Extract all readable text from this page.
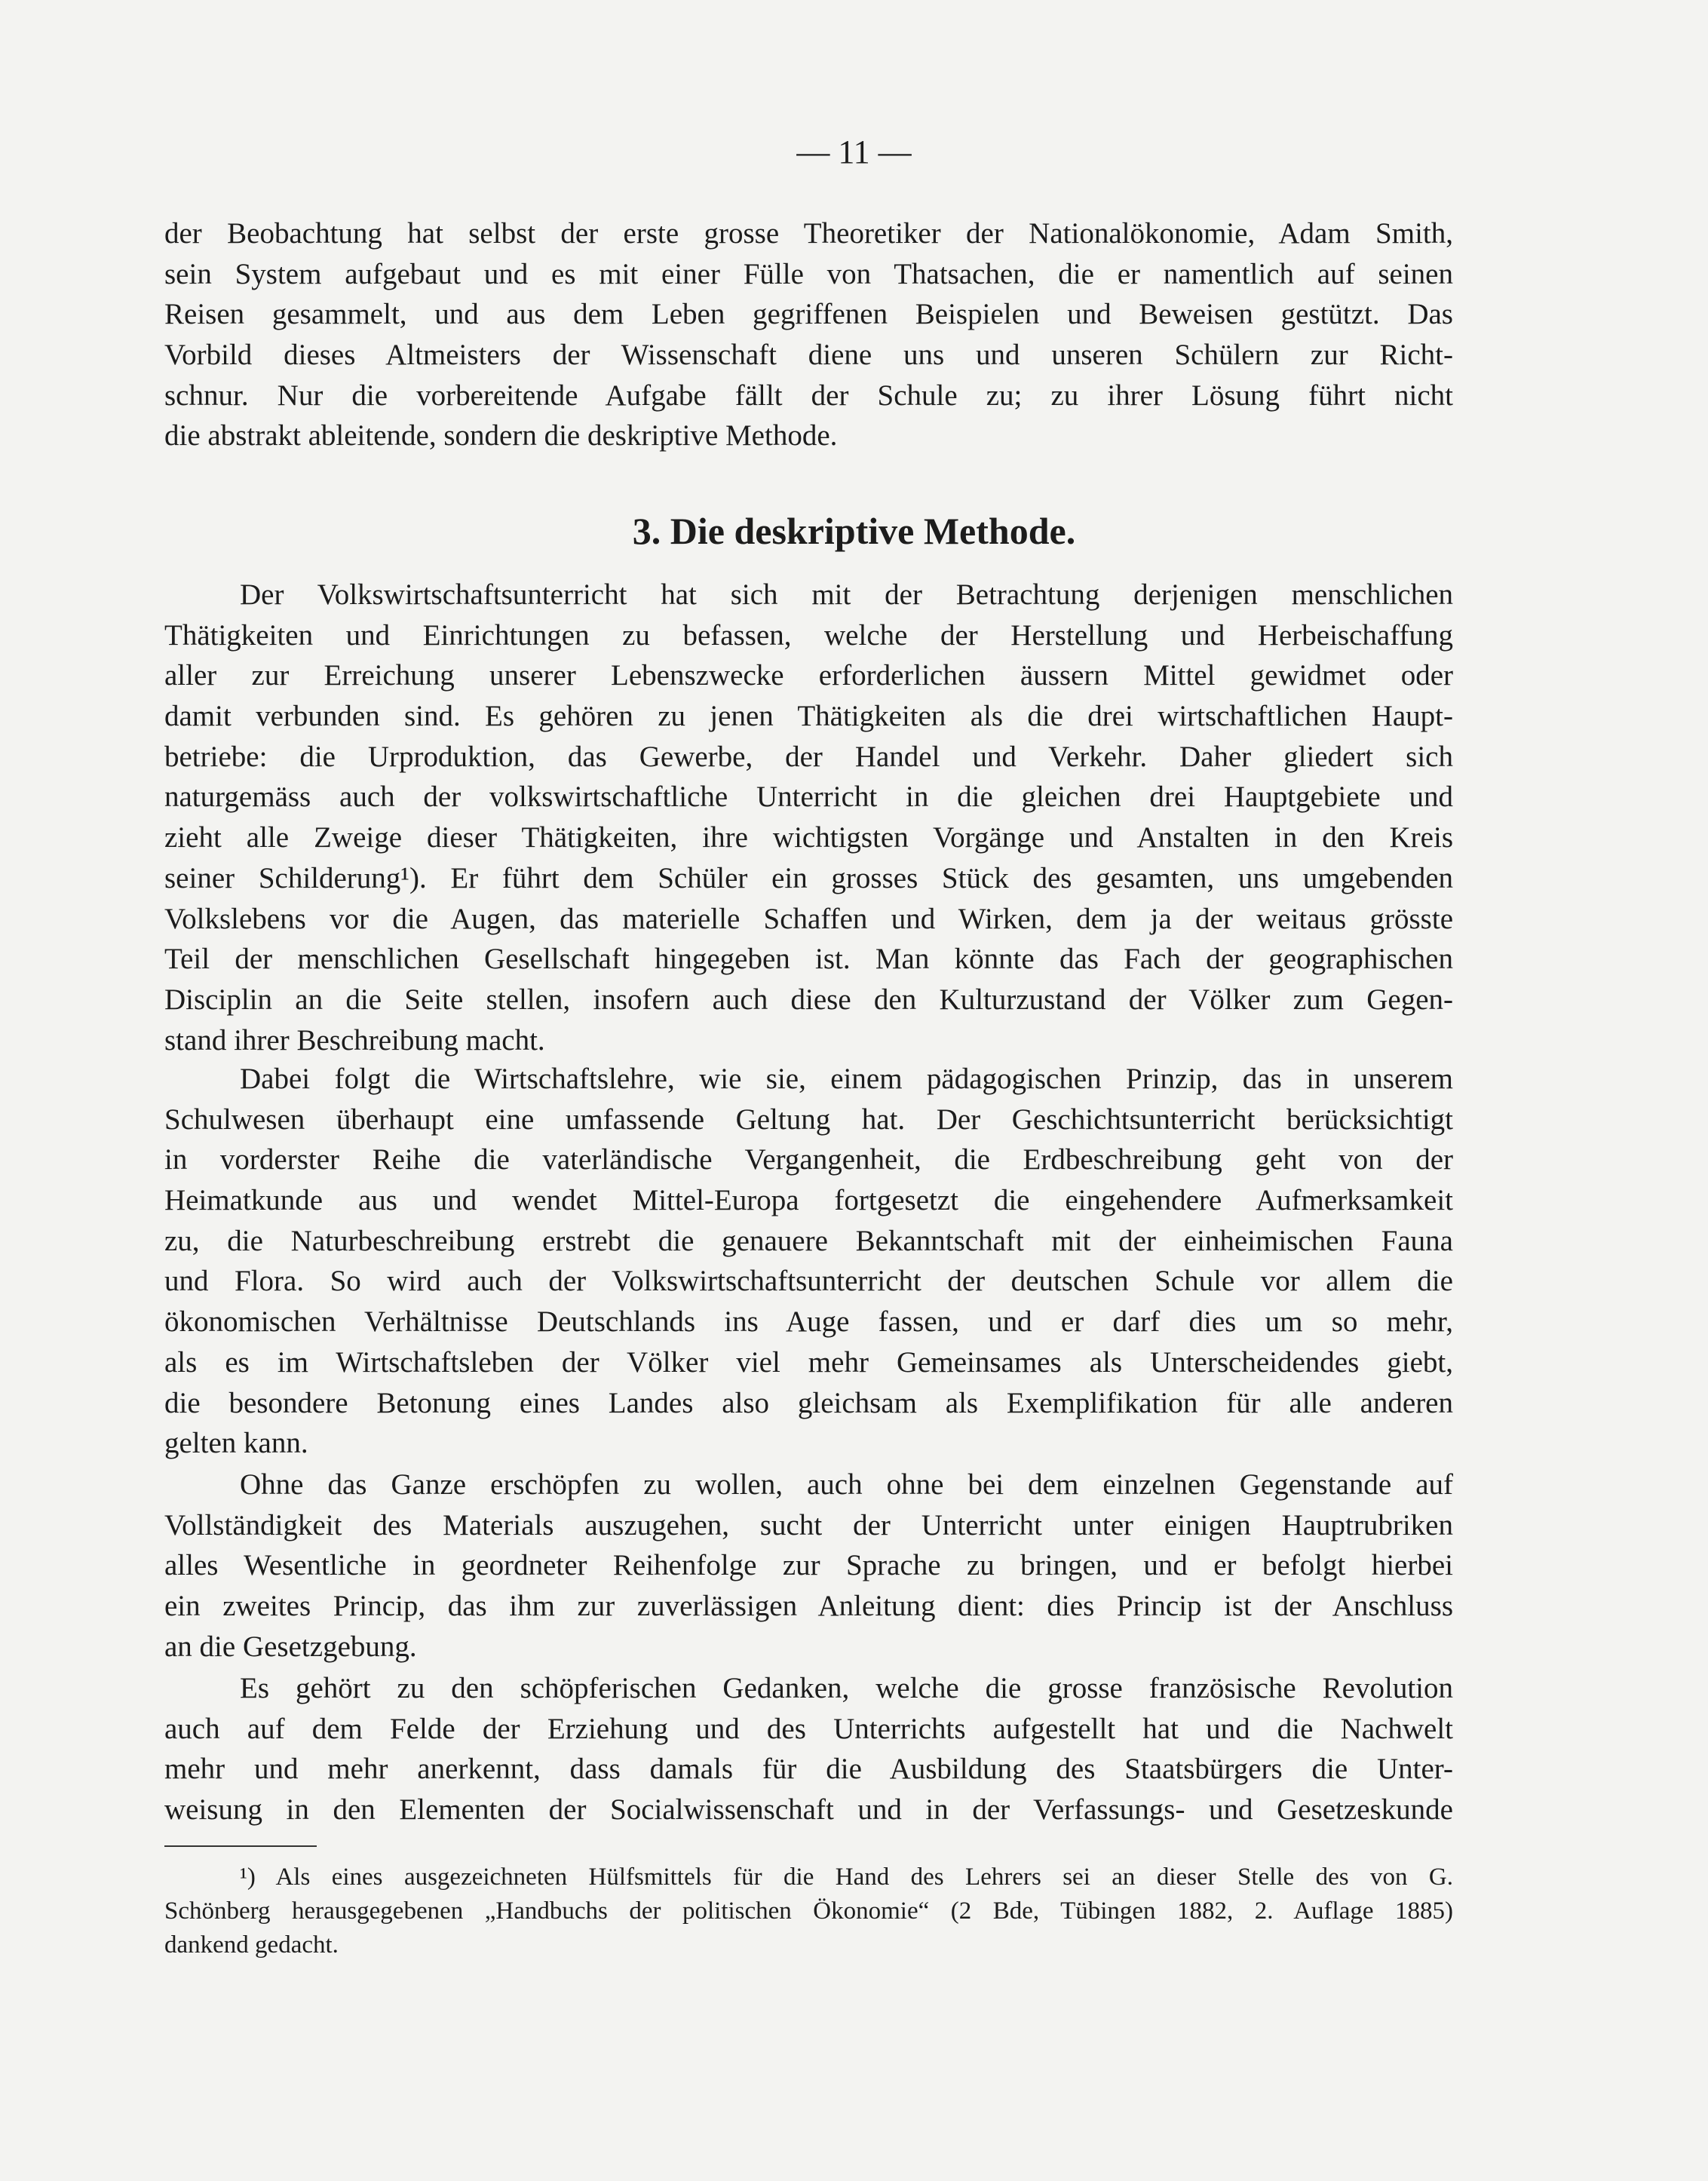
— 11 —
der Beobachtung hat selbst der erste grosse Theoretiker der Nationalökonomie, Adam Smith,
sein System aufgebaut und es mit einer Fülle von Thatsachen, die er namentlich auf seinen
Reisen gesammelt, und aus dem Leben gegriffenen Beispielen und Beweisen gestützt. Das
Vorbild dieses Altmeisters der Wissenschaft diene uns und unseren Schülern zur Richt-
schnur. Nur die vorbereitende Aufgabe fällt der Schule zu; zu ihrer Lösung führt nicht
die abstrakt ableitende, sondern die deskriptive Methode.
3. Die deskriptive Methode.
Der Volkswirtschaftsunterricht hat sich mit der Betrachtung derjenigen menschlichen
Thätigkeiten und Einrichtungen zu befassen, welche der Herstellung und Herbeischaffung
aller zur Erreichung unserer Lebenszwecke erforderlichen äussern Mittel gewidmet oder
damit verbunden sind. Es gehören zu jenen Thätigkeiten als die drei wirtschaftlichen Haupt-
betriebe: die Urproduktion, das Gewerbe, der Handel und Verkehr. Daher gliedert sich
naturgemäss auch der volkswirtschaftliche Unterricht in die gleichen drei Hauptgebiete und
zieht alle Zweige dieser Thätigkeiten, ihre wichtigsten Vorgänge und Anstalten in den Kreis
seiner Schilderung¹). Er führt dem Schüler ein grosses Stück des gesamten, uns umgebenden
Volkslebens vor die Augen, das materielle Schaffen und Wirken, dem ja der weitaus grösste
Teil der menschlichen Gesellschaft hingegeben ist. Man könnte das Fach der geographischen
Disciplin an die Seite stellen, insofern auch diese den Kulturzustand der Völker zum Gegen-
stand ihrer Beschreibung macht.
Dabei folgt die Wirtschaftslehre, wie sie, einem pädagogischen Prinzip, das in unserem
Schulwesen überhaupt eine umfassende Geltung hat. Der Geschichtsunterricht berücksichtigt
in vorderster Reihe die vaterländische Vergangenheit, die Erdbeschreibung geht von der
Heimatkunde aus und wendet Mittel-Europa fortgesetzt die eingehendere Aufmerksamkeit
zu, die Naturbeschreibung erstrebt die genauere Bekanntschaft mit der einheimischen Fauna
und Flora. So wird auch der Volkswirtschaftsunterricht der deutschen Schule vor allem die
ökonomischen Verhältnisse Deutschlands ins Auge fassen, und er darf dies um so mehr,
als es im Wirtschaftsleben der Völker viel mehr Gemeinsames als Unterscheidendes giebt,
die besondere Betonung eines Landes also gleichsam als Exemplifikation für alle anderen
gelten kann.
Ohne das Ganze erschöpfen zu wollen, auch ohne bei dem einzelnen Gegenstande auf
Vollständigkeit des Materials auszugehen, sucht der Unterricht unter einigen Hauptrubriken
alles Wesentliche in geordneter Reihenfolge zur Sprache zu bringen, und er befolgt hierbei
ein zweites Princip, das ihm zur zuverlässigen Anleitung dient: dies Princip ist der Anschluss
an die Gesetzgebung.
Es gehört zu den schöpferischen Gedanken, welche die grosse französische Revolution
auch auf dem Felde der Erziehung und des Unterrichts aufgestellt hat und die Nachwelt
mehr und mehr anerkennt, dass damals für die Ausbildung des Staatsbürgers die Unter-
weisung in den Elementen der Socialwissenschaft und in der Verfassungs- und Gesetzeskunde
¹) Als eines ausgezeichneten Hülfsmittels für die Hand des Lehrers sei an dieser Stelle des von G.
Schönberg herausgegebenen „Handbuchs der politischen Ökonomie“ (2 Bde, Tübingen 1882, 2. Auflage 1885)
dankend gedacht.
